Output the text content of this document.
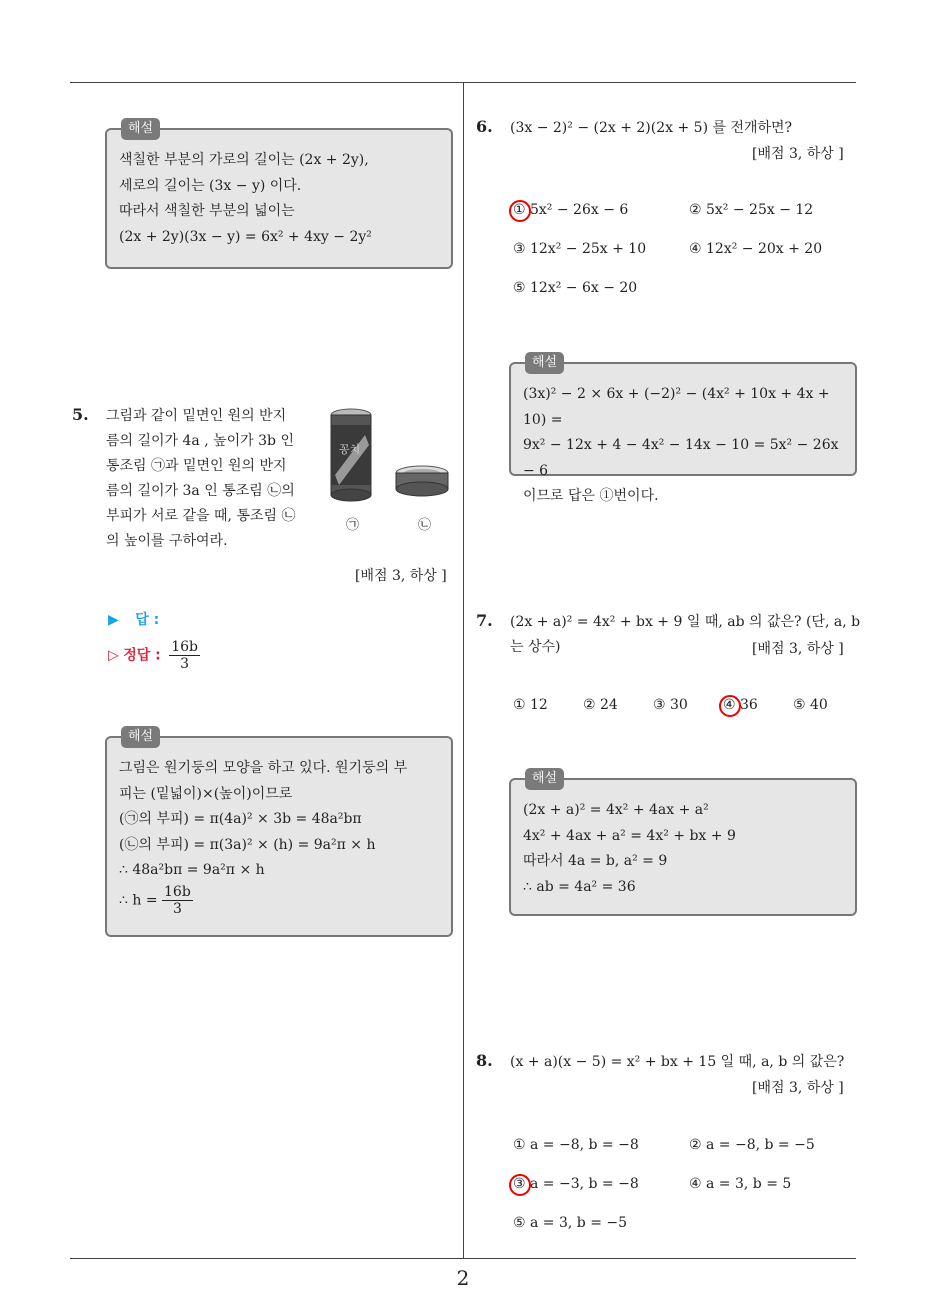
2
해설
색칠한 부분의 가로의 길이는 (2x + 2y),
세로의 길이는 (3x − y) 이다.
따라서 색칠한 부분의 넓이는
(2x + 2y)(3x − y) = 6x² + 4xy − 2y²
5. 그림과 같이 밑면인 원의 반지
름의 길이가 4a , 높이가 3b 인
통조림 ㉠과 밑면인 원의 반지
름의 길이가 3a 인 통조림 ㉡의
부피가 서로 같을 때, 통조림 ㉡
의 높이를 구하여라.
꽁치
㉠	㉡
[배점 3, 하상 ]
▶ 답 :
▷ 정답 : $\frac{16b}{3}$
해설
그림은 원기둥의 모양을 하고 있다. 원기둥의 부
피는 (밑넓이)×(높이)이므로
(㉠의 부피) = π(4a)² × 3b = 48a²bπ
(㉡의 부피) = π(3a)² × (h) = 9a²π × h
∴ 48a²bπ = 9a²π × h
∴ $h = \frac{16b}{3}$
6. (3x − 2)² − (2x + 2)(2x + 5) 를 전개하면?
[배점 3, 하상 ]
① 5x² − 26x − 6	② 5x² − 25x − 12
③ 12x² − 25x + 10	④ 12x² − 20x + 20
⑤ 12x² − 6x − 20
해설
(3x)² − 2 × 6x + (−2)² − (4x² + 10x + 4x + 10) =
9x² − 12x + 4 − 4x² − 14x − 10 = 5x² − 26x − 6
이므로 답은 ①번이다.
7. (2x + a)² = 4x² + bx + 9 일 때, ab 의 값은? (단, a, b
는 상수)	[배점 3, 하상 ]
① 12	② 24	③ 30	④ 36	⑤ 40
해설
(2x + a)² = 4x² + 4ax + a²
4x² + 4ax + a² = 4x² + bx + 9
따라서 4a = b, a² = 9
∴ ab = 4a² = 36
8. (x + a)(x − 5) = x² + bx + 15 일 때, a, b 의 값은?
[배점 3, 하상 ]
① a = −8, b = −8	② a = −8, b = −5
③ a = −3, b = −8	④ a = 3, b = 5
⑤ a = 3, b = −5
